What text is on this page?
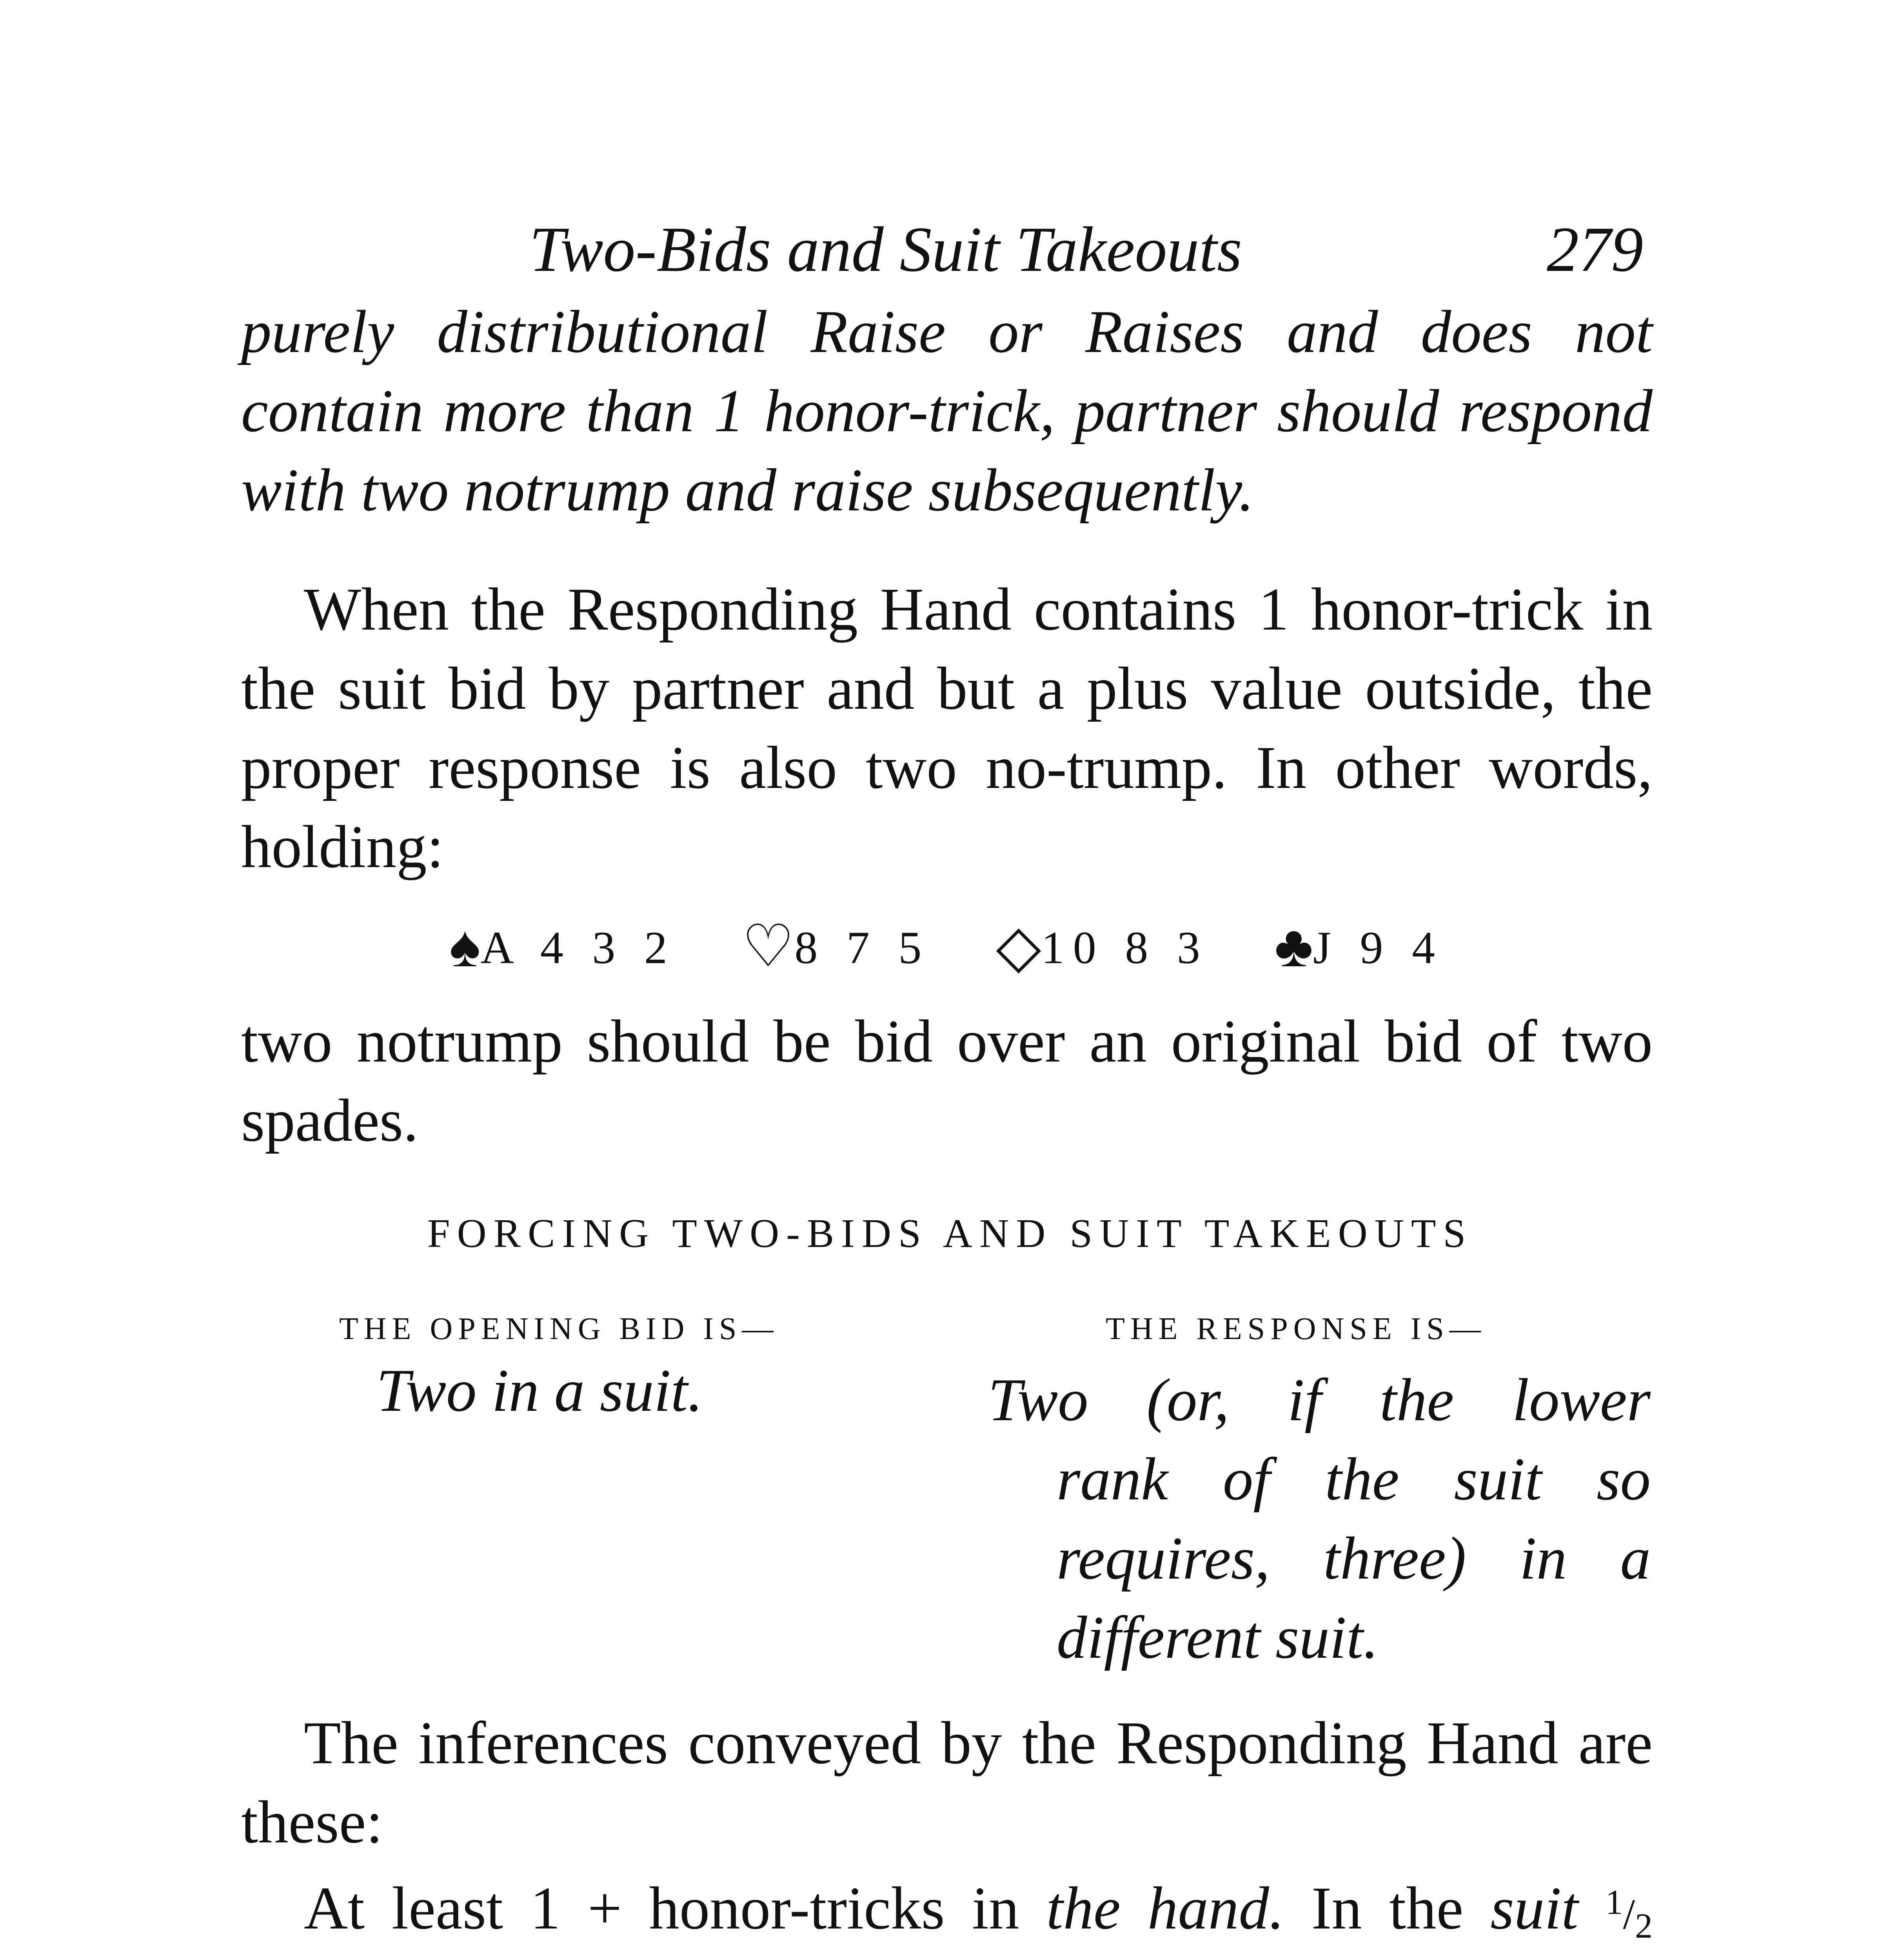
Two-Bids and Suit Takeouts	279

purely distributional Raise or Raises and does not contain more than 1 honor-trick, partner should respond with two notrump and raise subsequently.

When the Responding Hand contains 1 honor-trick in the suit bid by partner and but a plus value outside, the proper response is also two no-trump. In other words, holding:

♠A 4 3 2 ♡8 7 5 ◇10 8 3 ♣J 9 4

two notrump should be bid over an original bid of two spades.

FORCING TWO-BIDS AND SUIT TAKEOUTS
THE OPENING BID IS—	THE RESPONSE IS—
Two in a suit.	Two (or, if the lower
rank of the suit so
requires, three) in a
different suit.

The inferences conveyed by the Responding Hand are these:

At least 1 + honor-tricks in the hand. In the suit $^1/_2$
